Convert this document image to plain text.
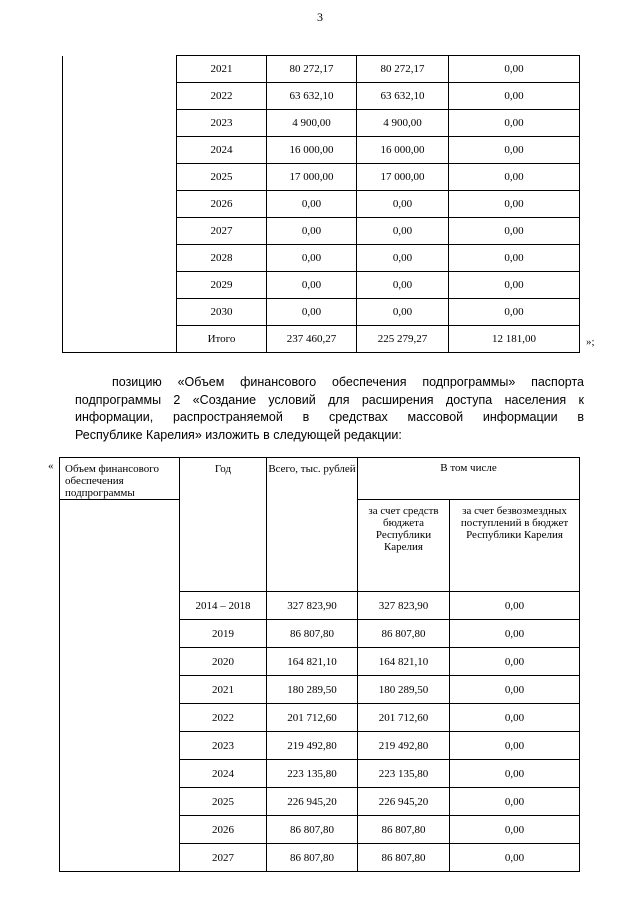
3
	2021	80 272,17	80 272,17	0,00
	2022	63 632,10	63 632,10	0,00
	2023	4 900,00	4 900,00	0,00
	2024	16 000,00	16 000,00	0,00
	2025	17 000,00	17 000,00	0,00
	2026	0,00	0,00	0,00
	2027	0,00	0,00	0,00
	2028	0,00	0,00	0,00
	2029	0,00	0,00	0,00
	2030	0,00	0,00	0,00
	Итого	237 460,27	225 279,27	12 181,00	»;
позицию «Объем финансового обеспечения подпрограммы» паспорта
подпрограммы 2 «Создание условий для расширения доступа населения к
информации, распространяемой в средствах массовой информации в
Республике Карелия» изложить в следующей редакции:
« Объем финансового обеспечения подпрограммы	Год	Всего, тыс. рублей	В том числе	
			за счет средств бюджета Республики Карелия	за счет безвозмездных поступлений в бюджет Республики Карелия
	2014 – 2018	327 823,90	327 823,90	0,00
	2019	86 807,80	86 807,80	0,00
	2020	164 821,10	164 821,10	0,00
	2021	180 289,50	180 289,50	0,00
	2022	201 712,60	201 712,60	0,00
	2023	219 492,80	219 492,80	0,00
	2024	223 135,80	223 135,80	0,00
	2025	226 945,20	226 945,20	0,00
	2026	86 807,80	86 807,80	0,00
	2027	86 807,80	86 807,80	0,00
